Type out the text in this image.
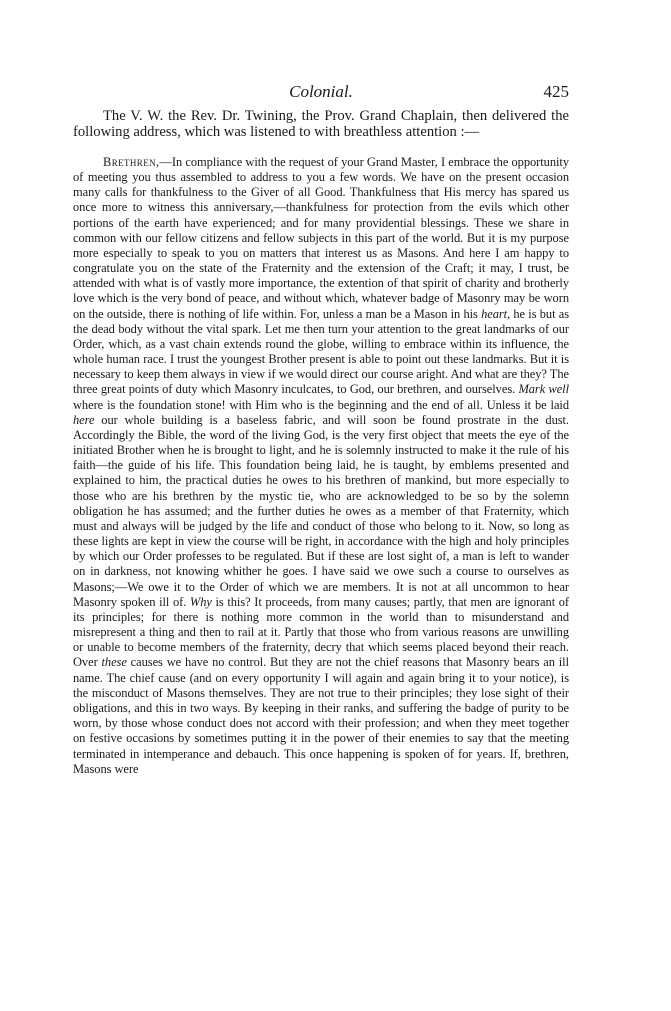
Colonial.	425

The V. W. the Rev. Dr. Twining, the Prov. Grand Chaplain, then delivered the following address, which was listened to with breathless attention :—

Brethren,—In compliance with the request of your Grand Master, I embrace the opportunity of meeting you thus assembled to address to you a few words. We have on the present occasion many calls for thankfulness to the Giver of all Good. Thankfulness that His mercy has spared us once more to witness this anniversary,—thankfulness for protection from the evils which other portions of the earth have experienced; and for many providential blessings. These we share in common with our fellow citizens and fellow subjects in this part of the world. But it is my purpose more especially to speak to you on matters that interest us as Masons. And here I am happy to congratulate you on the state of the Fraternity and the extension of the Craft; it may, I trust, be attended with what is of vastly more importance, the extention of that spirit of charity and brotherly love which is the very bond of peace, and without which, whatever badge of Masonry may be worn on the outside, there is nothing of life within. For, unless a man be a Mason in his heart, he is but as the dead body without the vital spark. Let me then turn your attention to the great landmarks of our Order, which, as a vast chain extends round the globe, willing to embrace within its influence, the whole human race. I trust the youngest Brother present is able to point out these landmarks. But it is necessary to keep them always in view if we would direct our course aright. And what are they? The three great points of duty which Masonry inculcates, to God, our brethren, and ourselves. Mark well where is the foundation stone! with Him who is the beginning and the end of all. Unless it be laid here our whole building is a baseless fabric, and will soon be found prostrate in the dust. Accordingly the Bible, the word of the living God, is the very first object that meets the eye of the initiated Brother when he is brought to light, and he is solemnly instructed to make it the rule of his faith—the guide of his life. This foundation being laid, he is taught, by emblems presented and explained to him, the practical duties he owes to his brethren of mankind, but more especially to those who are his brethren by the mystic tie, who are acknowledged to be so by the solemn obligation he has assumed; and the further duties he owes as a member of that Fraternity, which must and always will be judged by the life and conduct of those who belong to it. Now, so long as these lights are kept in view the course will be right, in accordance with the high and holy principles by which our Order professes to be regulated. But if these are lost sight of, a man is left to wander on in darkness, not knowing whither he goes. I have said we owe such a course to ourselves as Masons;—We owe it to the Order of which we are members. It is not at all uncommon to hear Masonry spoken ill of. Why is this? It proceeds, from many causes; partly, that men are ignorant of its principles; for there is nothing more common in the world than to misunderstand and misrepresent a thing and then to rail at it. Partly that those who from various reasons are unwilling or unable to become members of the fraternity, decry that which seems placed beyond their reach. Over these causes we have no control. But they are not the chief reasons that Masonry bears an ill name. The chief cause (and on every opportunity I will again and again bring it to your notice), is the misconduct of Masons themselves. They are not true to their principles; they lose sight of their obligations, and this in two ways. By keeping in their ranks, and suffering the badge of purity to be worn, by those whose conduct does not accord with their profession; and when they meet together on festive occasions by sometimes putting it in the power of their enemies to say that the meeting terminated in intemperance and debauch. This once happening is spoken of for years. If, brethren, Masons were
